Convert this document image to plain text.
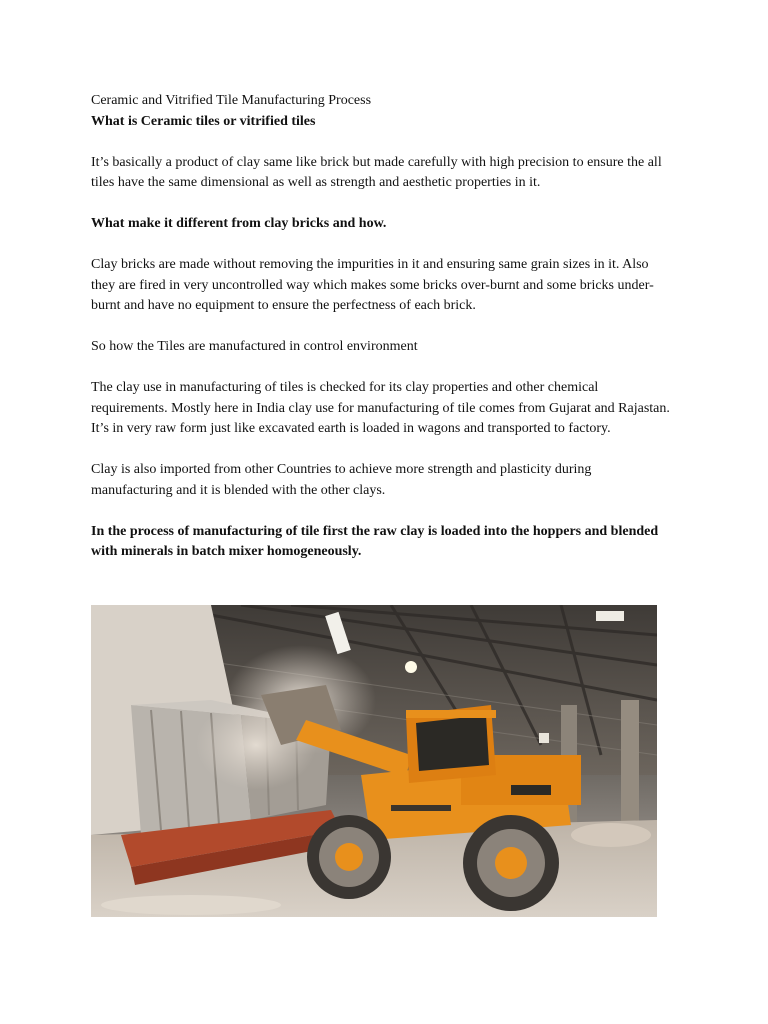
Ceramic and Vitrified Tile Manufacturing Process

What is Ceramic tiles or vitrified tiles

It’s basically a product of clay same like brick but made carefully with high precision to ensure the all tiles have the same dimensional as well as strength and aesthetic properties in it.

What make it different from clay bricks and how.

Clay bricks are made without removing the impurities in it and ensuring same grain sizes in it. Also they are fired in very uncontrolled way which makes some bricks over-burnt and some bricks under-burnt and have no equipment to ensure the perfectness of each brick.

So how the Tiles are manufactured in control environment

The clay use in manufacturing of tiles is checked for its clay properties and other chemical requirements. Mostly here in India clay use for manufacturing of tile comes from Gujarat and Rajastan. It’s in very raw form just like excavated earth is loaded in wagons and transported to factory.

Clay is also imported from other Countries to achieve more strength and plasticity during manufacturing and it is blended with the other clays.

In the process of manufacturing of tile first the raw clay is loaded into the hoppers and blended with minerals in batch mixer homogeneously.
